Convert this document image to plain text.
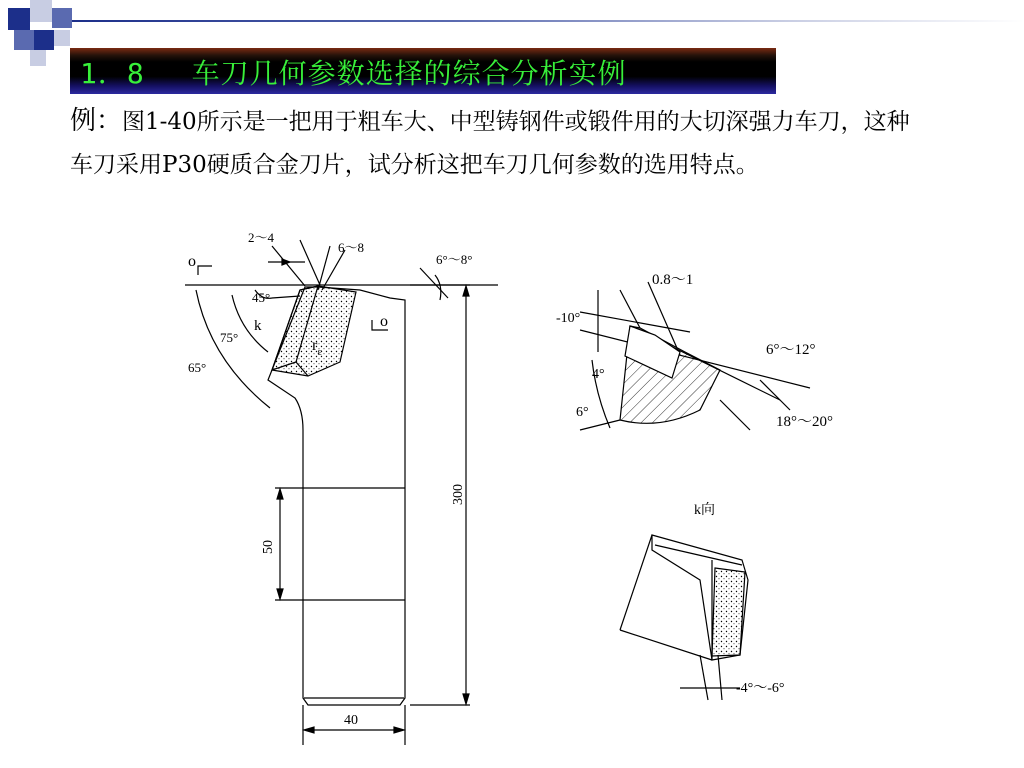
1．8　 车刀几何参数选择的综合分析实例
例：图1-40所示是一把用于粗车大、中型铸钢件或锻件用的大切深强力车刀，这种车刀采用P30硬质合金刀片，试分析这把车刀几何参数的选用特点。
2～4
6～8
6°～8°
o
45°
k
75°
65°
o
$r_\varepsilon$
300
50
40
0.8～1
-10°
6°～12°
4°
6°
18°～20°
k向
-4°～-6°
